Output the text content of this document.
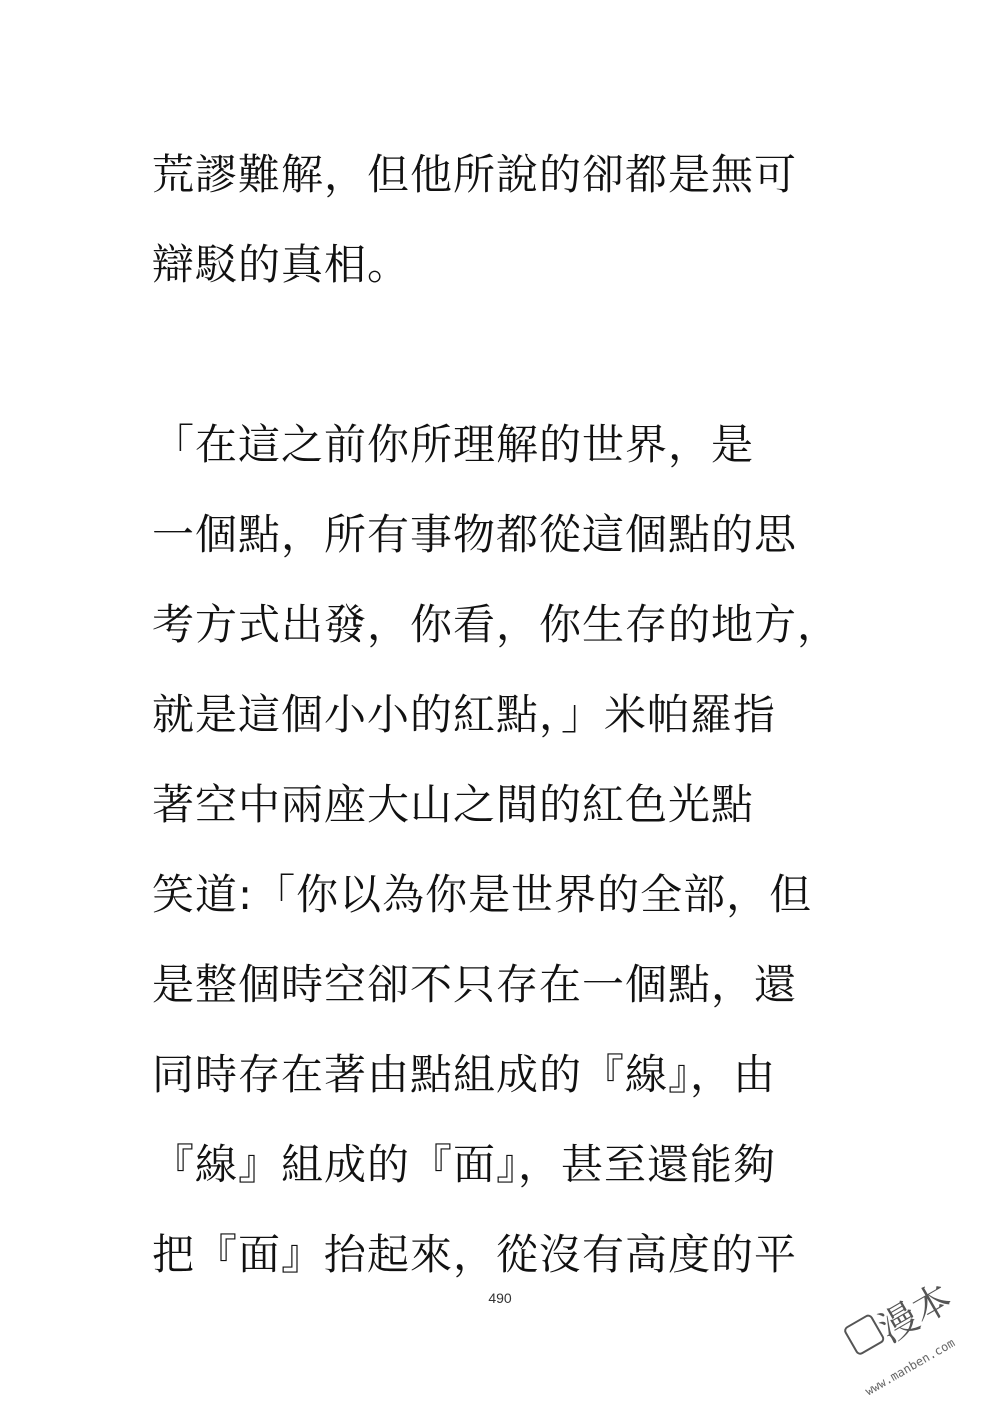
荒謬難解，但他所說的卻都是無可
辯駁的真相。
「在這之前你所理解的世界，是
一個點，所有事物都從這個點的思
考方式出發，你看，你生存的地方，
就是這個小小的紅點，」米帕羅指
著空中兩座大山之間的紅色光點
笑道:「你以為你是世界的全部，但
是整個時空卻不只存在一個點，還
同時存在著由點組成的『線』，由
『線』組成的『面』，甚至還能夠
把『面』抬起來，從沒有高度的平
490	漫本
www.manben.com
